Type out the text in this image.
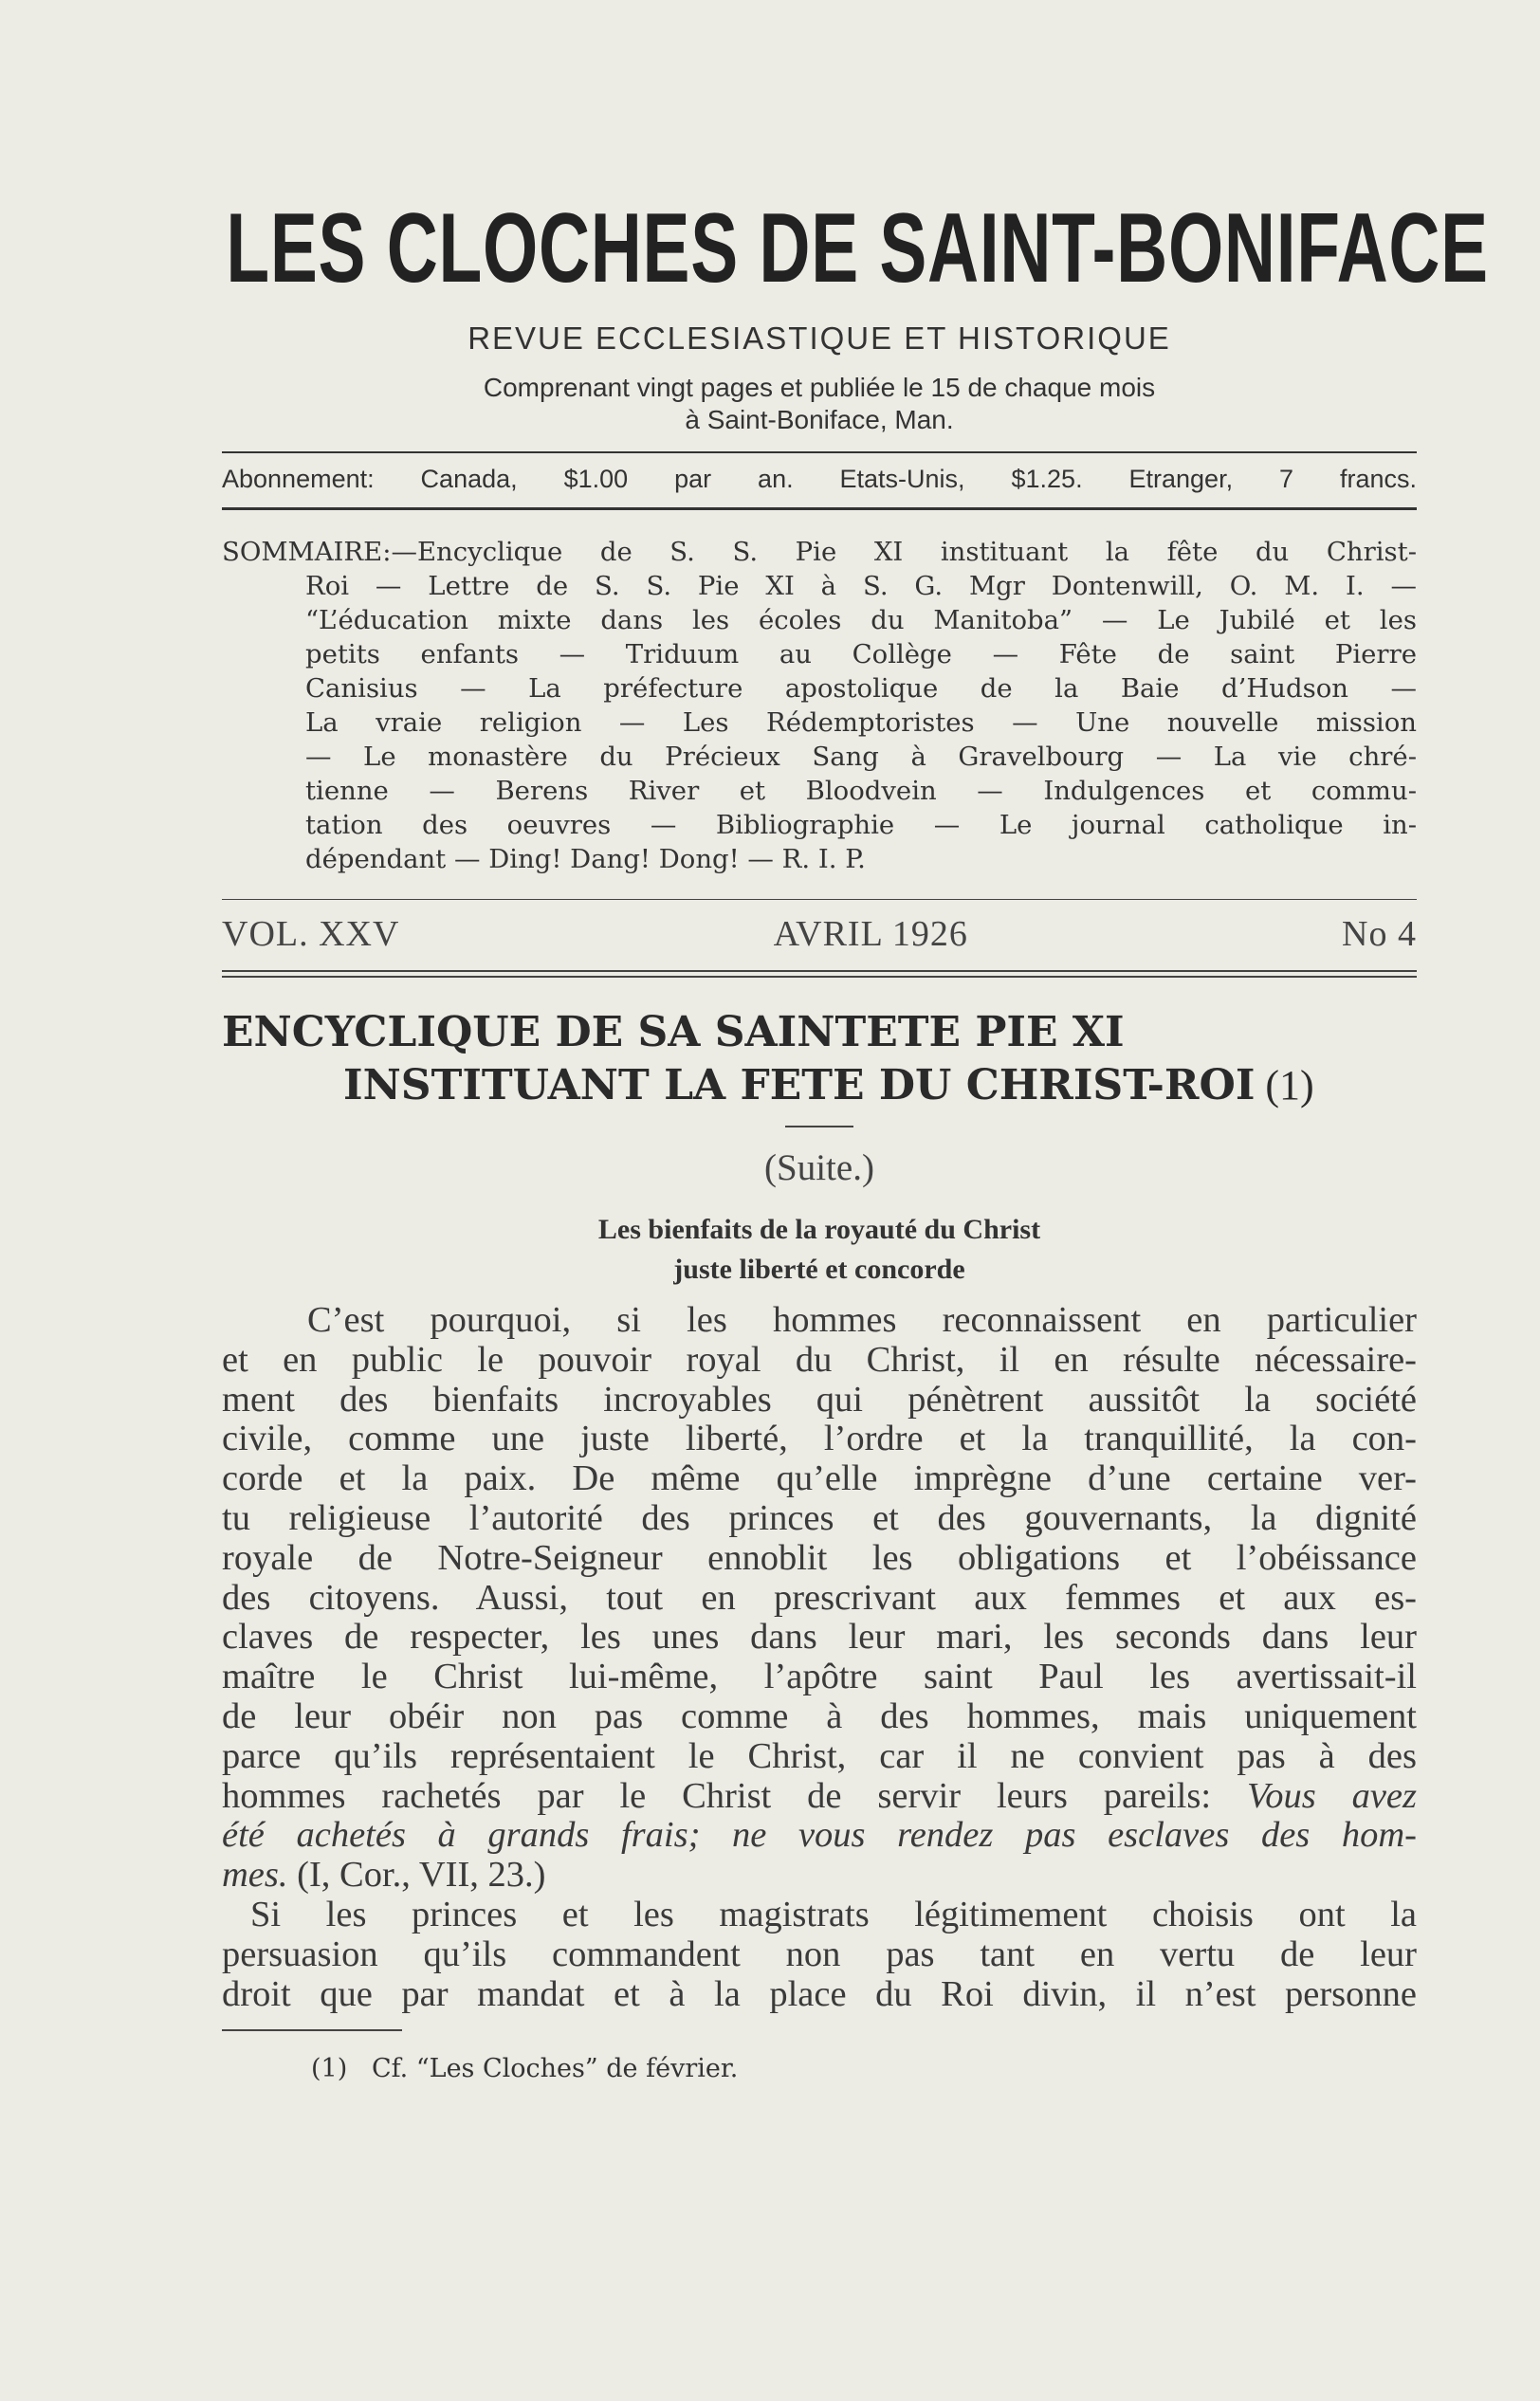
LES CLOCHES DE SAINT-BONIFACE
REVUE ECCLESIASTIQUE ET HISTORIQUE
Comprenant vingt pages et publiée le 15 de chaque mois
à Saint-Boniface, Man.
Abonnement: Canada, $1.00 par an. Etats-Unis, $1.25. Etranger, 7 francs.
SOMMAIRE:—Encyclique de S. S. Pie XI instituant la fête du Christ-
Roi — Lettre de S. S. Pie XI à S. G. Mgr Dontenwill, O. M. I. —
“L’éducation mixte dans les écoles du Manitoba” — Le Jubilé et les
petits enfants — Triduum au Collège — Fête de saint Pierre
Canisius — La préfecture apostolique de la Baie d’Hudson —
La vraie religion — Les Rédemptoristes — Une nouvelle mission
— Le monastère du Précieux Sang à Gravelbourg — La vie chré-
tienne — Berens River et Bloodvein — Indulgences et commu-
tation des oeuvres — Bibliographie — Le journal catholique in-
dépendant — Ding! Dang! Dong! — R. I. P.
VOL. XXV	AVRIL 1926	No 4
ENCYCLIQUE DE SA SAINTETE PIE XI
INSTITUANT LA FETE DU CHRIST-ROI (1)
(Suite.)
Les bienfaits de la royauté du Christ
juste liberté et concorde
C’est pourquoi, si les hommes reconnaissent en particulier
et en public le pouvoir royal du Christ, il en résulte nécessaire-
ment des bienfaits incroyables qui pénètrent aussitôt la société
civile, comme une juste liberté, l’ordre et la tranquillité, la con-
corde et la paix. De même qu’elle imprègne d’une certaine ver-
tu religieuse l’autorité des princes et des gouvernants, la dignité
royale de Notre-Seigneur ennoblit les obligations et l’obéissance
des citoyens. Aussi, tout en prescrivant aux femmes et aux es-
claves de respecter, les unes dans leur mari, les seconds dans leur
maître le Christ lui-même, l’apôtre saint Paul les avertissait-il
de leur obéir non pas comme à des hommes, mais uniquement
parce qu’ils représentaient le Christ, car il ne convient pas à des
hommes rachetés par le Christ de servir leurs pareils: Vous avez
été achetés à grands frais; ne vous rendez pas esclaves des hom-
mes. (I, Cor., VII, 23.)
Si les princes et les magistrats légitimement choisis ont la
persuasion qu’ils commandent non pas tant en vertu de leur
droit que par mandat et à la place du Roi divin, il n’est personne
(1)   Cf. “Les Cloches” de février.
